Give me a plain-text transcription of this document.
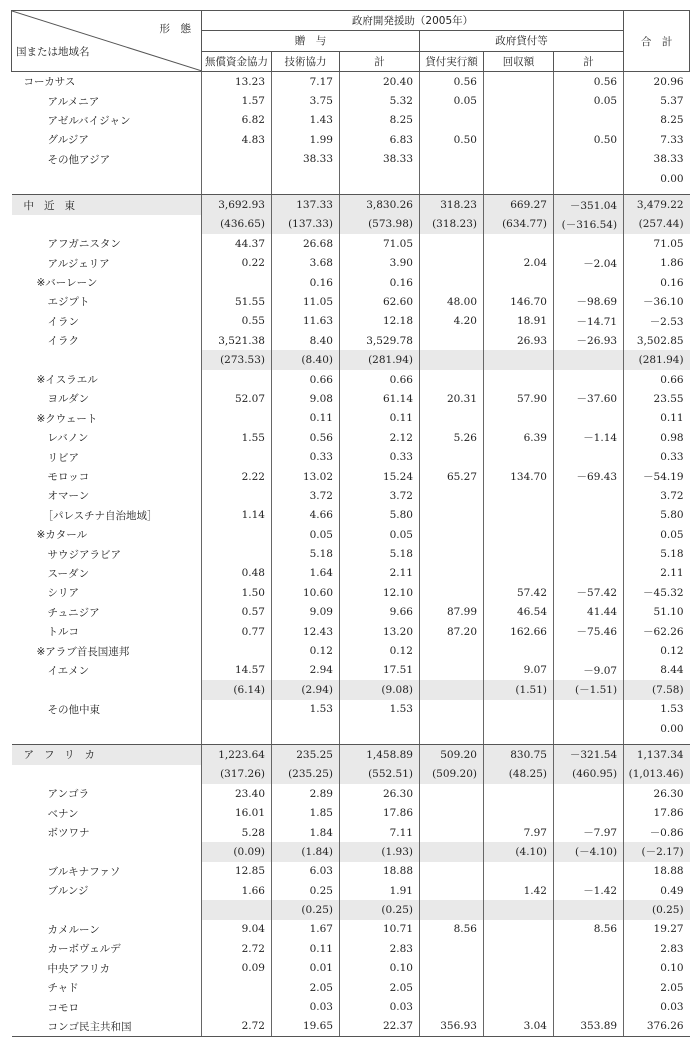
形　態
国または地域名	政府開発援助（2005年）						合　計
	贈　与			政府貸付等			
	無償資金協力	技術協力	計	貸付実行額	回収額	計	
コーカサス	13.23	7.17	20.40	0.56		0.56	20.96
アルメニア	1.57	3.75	5.32	0.05		0.05	5.37
アゼルバイジャン	6.82	1.43	8.25				8.25
グルジア	4.83	1.99	6.83	0.50		0.50	7.33
その他アジア		38.33	38.33				38.33
							0.00

中近東	3,692.93	137.33	3,830.26	318.23	669.27	－351.04	3,479.22
	(436.65)	(137.33)	(573.98)	(318.23)	(634.77)	(－316.54)	(257.44)
アフガニスタン	44.37	26.68	71.05				71.05
アルジェリア	0.22	3.68	3.90		2.04	－2.04	1.86
※バーレーン		0.16	0.16				0.16
エジプト	51.55	11.05	62.60	48.00	146.70	－98.69	－36.10
イラン	0.55	11.63	12.18	4.20	18.91	－14.71	－2.53
イラク	3,521.38	8.40	3,529.78		26.93	－26.93	3,502.85
	(273.53)	(8.40)	(281.94)				(281.94)
※イスラエル		0.66	0.66				0.66
ヨルダン	52.07	9.08	61.14	20.31	57.90	－37.60	23.55
※クウェート		0.11	0.11				0.11
レバノン	1.55	0.56	2.12	5.26	6.39	－1.14	0.98
リビア		0.33	0.33				0.33
モロッコ	2.22	13.02	15.24	65.27	134.70	－69.43	－54.19
オマーン		3.72	3.72				3.72
［パレスチナ自治地域］	1.14	4.66	5.80				5.80
※カタール		0.05	0.05				0.05
サウジアラビア		5.18	5.18				5.18
スーダン	0.48	1.64	2.11				2.11
シリア	1.50	10.60	12.10		57.42	－57.42	－45.32
チュニジア	0.57	9.09	9.66	87.99	46.54	41.44	51.10
トルコ	0.77	12.43	13.20	87.20	162.66	－75.46	－62.26
※アラブ首長国連邦		0.12	0.12				0.12
イエメン	14.57	2.94	17.51		9.07	－9.07	8.44
	(6.14)	(2.94)	(9.08)		(1.51)	(－1.51)	(7.58)
その他中東		1.53	1.53				1.53
							0.00

アフリカ	1,223.64	235.25	1,458.89	509.20	830.75	－321.54	1,137.34
	(317.26)	(235.25)	(552.51)	(509.20)	(48.25)	(460.95)	(1,013.46)
アンゴラ	23.40	2.89	26.30				26.30
ベナン	16.01	1.85	17.86				17.86
ボツワナ	5.28	1.84	7.11		7.97	－7.97	－0.86
	(0.09)	(1.84)	(1.93)		(4.10)	(－4.10)	(－2.17)
ブルキナファソ	12.85	6.03	18.88				18.88
ブルンジ	1.66	0.25	1.91		1.42	－1.42	0.49
		(0.25)	(0.25)				(0.25)
カメルーン	9.04	1.67	10.71	8.56		8.56	19.27
カーボヴェルデ	2.72	0.11	2.83				2.83
中央アフリカ	0.09	0.01	0.10				0.10
チャド		2.05	2.05				2.05
コモロ		0.03	0.03				0.03
コンゴ民主共和国	2.72	19.65	22.37	356.93	3.04	353.89	376.26
